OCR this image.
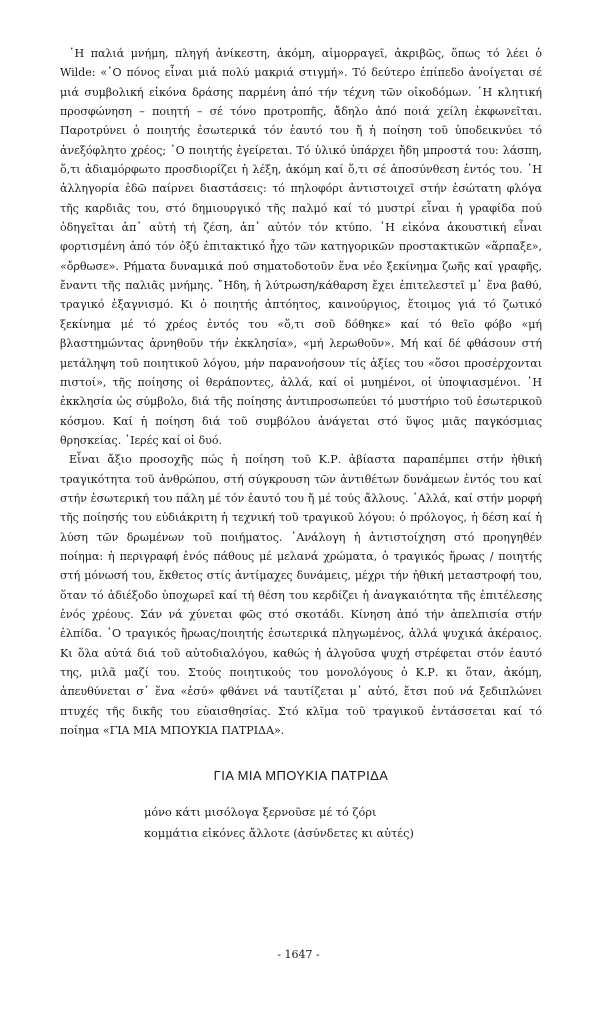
῾Η παλιά μνήμη, πληγή ἀνίκεστη, ἀκόμη, αἱμορραγεῖ, ἀκριβῶς, ὅπως τό λέει ὁ Wilde: «῾Ο πόνος εἶναι μιά πολύ μακριά στιγμή». Τό δεύτερο ἐπίπεδο ἀνοίγεται σέ μιά συμβολική εἰκόνα δράσης παρμένη ἀπό τήν τέχνη τῶν οἰκοδόμων. ῾Η κλητική προσφώνηση – ποιητή – σέ τόνο προτροπῆς, ἄδηλο ἀπό ποιά χείλη ἐκφωνεῖται. Παροτρύνει ὁ ποιητής ἐσωτερικά τόν ἑαυτό του ἤ ἡ ποίηση τοῦ ὑποδεικνύει τό ἀνεξόφλητο χρέος; ῾Ο ποιητής ἐγείρεται. Τό ὑλικό ὑπάρχει ἤδη μπροστά του: λάσπη, ὅ,τι ἀδιαμόρφωτο προσδιορίζει ἡ λέξη, ἀκόμη καί ὅ,τι σέ ἀποσύνθεση ἐντός του. ῾Η ἀλληγορία ἐδῶ παίρνει διαστάσεις: τό πηλοφόρι ἀντιστοιχεῖ στήν ἐσώτατη φλόγα τῆς καρδιᾶς του, στό δημιουργικό τῆς παλμό καί τό μυστρί εἶναι ἡ γραφίδα πού ὁδηγεῖται ἀπ᾽ αὐτή τή ζέση, ἀπ᾽ αὐτόν τόν κτύπο. ῾Η εἰκόνα ἀκουστική εἶναι φορτισμένη ἀπό τόν ὀξύ ἐπιτακτικό ἦχο τῶν κατηγορικῶν προστακτικῶν «ἅρπαξε», «ὄρθωσε». Ρήματα δυναμικά πού σηματοδοτοῦν ἕνα νέο ξεκίνημα ζωῆς καί γραφῆς, ἔναντι τῆς παλιᾶς μνήμης. ῎Ηδη, ἡ λύτρωση/κάθαρση ἔχει ἐπιτελεστεῖ μ᾽ ἕνα βαθύ, τραγικό ἐξαγνισμό. Κι ὁ ποιητής ἀπτόητος, καινούργιος, ἕτοιμος γιά τό ζωτικό ξεκίνημα μέ τό χρέος ἐντός του «ὅ,τι σοῦ δόθηκε» καί τό θεῖο φόβο «μή βλαστημώντας ἀρνηθοῦν τήν ἐκκλησία», «μή λερωθοῦν». Μή καί δέ φθάσουν στή μετάληψη τοῦ ποιητικοῦ λόγου, μήν παρανοήσουν τίς ἀξίες του «ὅσοι προσέρχονται πιστοί», τῆς ποίησης οἱ θεράποντες, ἀλλά, καί οἱ μυημένοι, οἱ ὑποψιασμένοι. ῾Η ἐκκλησία ὡς σύμβολο, διά τῆς ποίησης ἀντιπροσωπεύει τό μυστήριο τοῦ ἐσωτερικοῦ κόσμου. Καί ἡ ποίηση διά τοῦ συμβόλου ἀνάγεται στό ὕψος μιᾶς παγκόσμιας θρησκείας. ῾Ιερές καί οἱ δυό.

Εἶναι ἄξιο προσοχῆς πώς ἡ ποίηση τοῦ Κ.Ρ. ἀβίαστα παραπέμπει στήν ἠθική τραγικότητα τοῦ ἀνθρώπου, στή σύγκρουση τῶν ἀντιθέτων δυνάμεων ἐντός του καί στήν ἐσωτερική του πάλη μέ τόν ἑαυτό του ἤ μέ τούς ἄλλους. ᾿Αλλά, καί στήν μορφή τῆς ποίησής του εὐδιάκριτη ἡ τεχνική τοῦ τραγικοῦ λόγου: ὁ πρόλογος, ἡ δέση καί ἡ λύση τῶν δρωμένων τοῦ ποιήματος. ᾿Ανάλογη ἡ ἀντιστοίχηση στό προηγηθέν ποίημα: ἡ περιγραφή ἑνός πάθους μέ μελανά χρώματα, ὁ τραγικός ἥρωας / ποιητής στή μόνωσή του, ἔκθετος στίς ἀντίμαχες δυνάμεις, μέχρι τήν ἠθική μεταστροφή του, ὅταν τό ἀδιέξοδο ὑποχωρεῖ καί τή θέση του κερδίζει ἡ ἀναγκαιότητα τῆς ἐπιτέλεσης ἑνός χρέους. Σάν νά χύνεται φῶς στό σκοτάδι. Κίνηση ἀπό τήν ἀπελπισία στήν ἐλπίδα. ῾Ο τραγικός ἥρωας/ποιητής ἐσωτερικά πληγωμένος, ἀλλά ψυχικά ἀκέραιος. Κι ὅλα αὐτά διά τοῦ αὐτοδιαλόγου, καθώς ἡ ἀλγοῦσα ψυχή στρέφεται στόν ἑαυτό της, μιλᾶ μαζί του. Στούς ποιητικούς του μονολόγους ὁ Κ.Ρ. κι ὅταν, ἀκόμη, ἀπευθύνεται σ᾽ ἕνα «ἐσύ» φθάνει νά ταυτίζεται μ᾽ αὐτό, ἔτσι πού νά ξεδιπλώνει πτυχές τῆς δικῆς του εὐαισθησίας. Στό κλῖμα τοῦ τραγικοῦ ἐντάσσεται καί τό ποίημα «ΓΙΑ ΜΙΑ ΜΠΟΥΚΙΑ ΠΑΤΡΙΔΑ».

ΓΙΑ ΜΙΑ ΜΠΟΥΚΙΑ ΠΑΤΡΙΔΑ
μόνο κάτι μισόλογα ξερνοῦσε μέ τό ζόρι
κομμάτια εἰκόνες ἄλλοτε (ἀσύνδετες κι αὐτές)
- 1647 -
